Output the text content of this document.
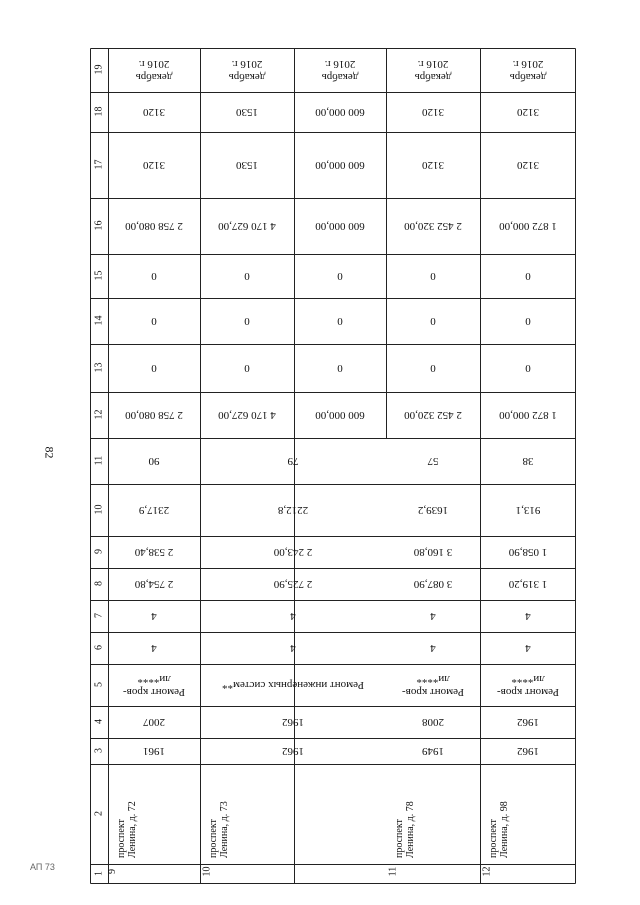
82
АП 73
1
2
3
4
5
6
7
8
9
10
11
12
13
14
15
16
17
18
19
9
проспект
Ленина, д. 72
1961
2007
Ремонт кров-
ли****
4
4
2 754,80
2 538,40
2317,9
90
2 758 080,00
0
0
0
2 758 080,00
3120
3120
декабрь
2016 г.
10
проспект
Ленина, д. 73
1962
1962
Ремонт инженерных систем**
4
4
2 725,90
2 243,00
2212,8
79
4 170 627,00
0
0
0
4 170 627,00
1530
1530
декабрь
2016 г.
600 000,00
0
0
0
600 000,00
600 000,00
600 000,00
декабрь
2016 г.
11
проспект
Ленина, д. 78
1949
2008
Ремонт кров-
ли****
4
4
3 087,90
3 160,80
1639,2
57
2 452 320,00
0
0
0
2 452 320,00
3120
3120
декабрь
2016 г.
12
проспект
Ленина, д. 98
1962
1962
Ремонт кров-
ли****
4
4
1 319,20
1 058,90
913,1
38
1 872 000,00
0
0
0
1 872 000,00
3120
3120
декабрь
2016 г.
